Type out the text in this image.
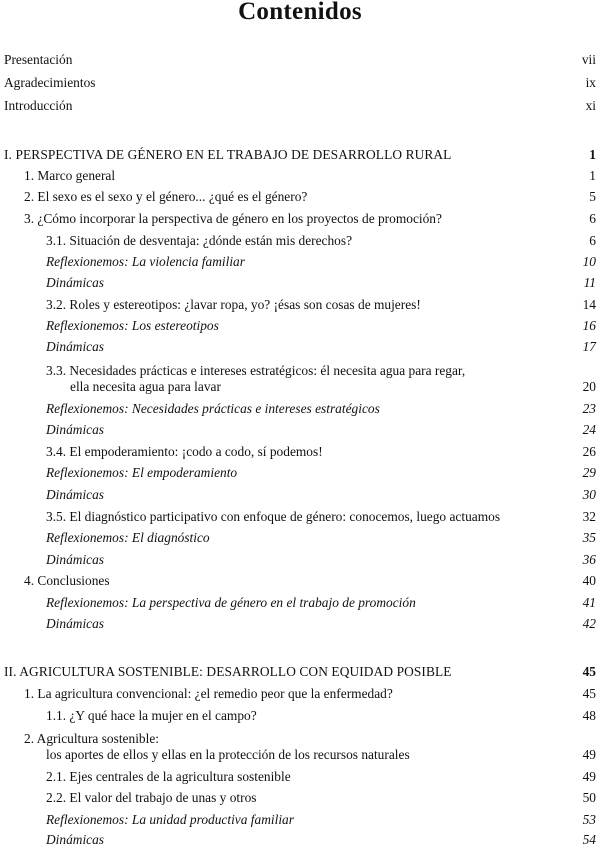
Contenidos
Presentación	vii
Agradecimientos	ix
Introducción	xi
I. PERSPECTIVA DE GÉNERO EN EL TRABAJO DE DESARROLLO RURAL	1
1. Marco general	1
2. El sexo es el sexo y el género... ¿qué es el género?	5
3. ¿Cómo incorporar la perspectiva de género en los proyectos de promoción?	6
3.1. Situación de desventaja: ¿dónde están mis derechos?	6
Reflexionemos: La violencia familiar	10
Dinámicas	11
3.2. Roles y estereotipos: ¿lavar ropa, yo? ¡ésas son cosas de mujeres!	14
Reflexionemos: Los estereotipos	16
Dinámicas	17
3.3. Necesidades prácticas e intereses estratégicos: él necesita agua para regar,
ella necesita agua para lavar	20
Reflexionemos: Necesidades prácticas e intereses estratégicos	23
Dinámicas	24
3.4. El empoderamiento: ¡codo a codo, sí podemos!	26
Reflexionemos: El empoderamiento	29
Dinámicas	30
3.5. El diagnóstico participativo con enfoque de género: conocemos, luego actuamos	32
Reflexionemos: El diagnóstico	35
Dinámicas	36
4. Conclusiones	40
Reflexionemos: La perspectiva de género en el trabajo de promoción	41
Dinámicas	42
II. AGRICULTURA SOSTENIBLE: DESARROLLO CON EQUIDAD POSIBLE	45
1. La agricultura convencional: ¿el remedio peor que la enfermedad?	45
1.1. ¿Y qué hace la mujer en el campo?	48
2. Agricultura sostenible:
los aportes de ellos y ellas en la protección de los recursos naturales	49
2.1. Ejes centrales de la agricultura sostenible	49
2.2. El valor del trabajo de unas y otros	50
Reflexionemos: La unidad productiva familiar	53
Dinámicas	54
